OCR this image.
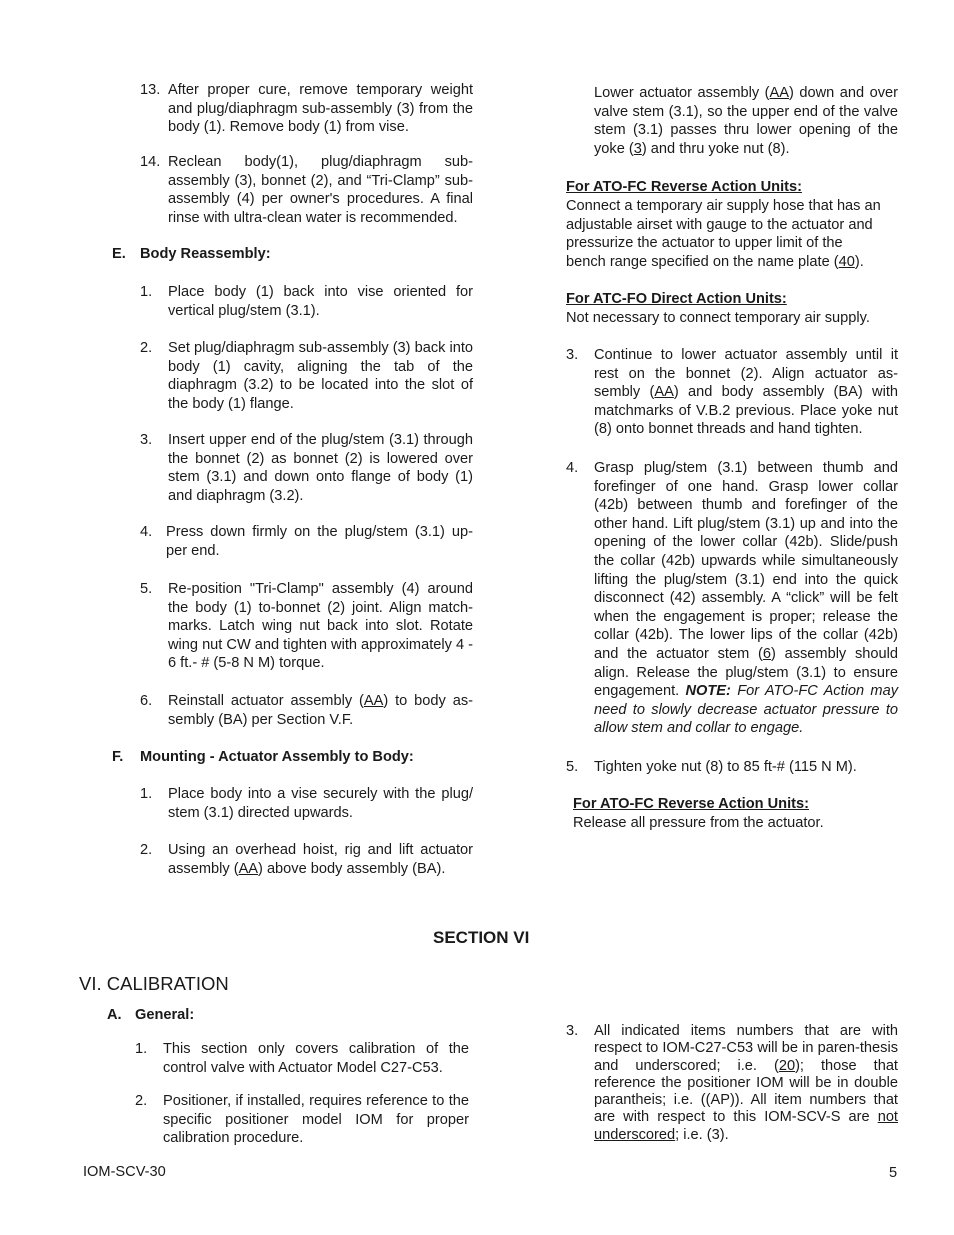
13. After proper cure, remove temporary weight and plug/diaphragm sub-assembly (3) from the body (1). Remove body (1) from vise.
14. Reclean body(1), plug/diaphragm sub-assembly (3), bonnet (2), and “Tri-Clamp” sub-assembly (4) per owner's procedures. A final rinse with ultra-clean water is recommended.
E. Body Reassembly:
1. Place body (1) back into vise oriented for vertical plug/stem (3.1).
2. Set plug/diaphragm sub-assembly (3) back into body (1) cavity, aligning the tab of the diaphragm (3.2) to be located into the slot of the body (1) flange.
3. Insert upper end of the plug/stem (3.1) through the bonnet (2) as bonnet (2) is lowered over stem (3.1) and down onto flange of body (1) and diaphragm (3.2).
4. Press down firmly on the plug/stem (3.1) up-per end.
5. Re-position "Tri-Clamp" assembly (4) around the body (1) to-bonnet (2) joint. Align match-marks. Latch wing nut back into slot. Rotate wing nut CW and tighten with approximately 4 - 6 ft.- # (5-8 N M) torque.
6. Reinstall actuator assembly (AA) to body as-sembly (BA) per Section V.F.
F. Mounting - Actuator Assembly to Body:
1. Place body into a vise securely with the plug/ stem (3.1) directed upwards.
2. Using an overhead hoist, rig and lift actuator assembly (AA) above body assembly (BA).
Lower actuator assembly (AA) down and over valve stem (3.1), so the upper end of the valve stem (3.1) passes thru lower opening of the yoke (3) and thru yoke nut (8).
For ATO-FC Reverse Action Units:
Connect a temporary air supply hose that has an adjustable airset with gauge to the actuator and pressurize the actuator to upper limit of the bench range specified on the name plate (40).
For ATC-FO Direct Action Units:
Not necessary to connect temporary air supply.
3. Continue to lower actuator assembly until it rest on the bonnet (2). Align actuator as-sembly (AA) and body assembly (BA) with matchmarks of V.B.2 previous. Place yoke nut (8) onto bonnet threads and hand tighten.
4. Grasp plug/stem (3.1) between thumb and forefinger of one hand. Grasp lower collar (42b) between thumb and forefinger of the other hand. Lift plug/stem (3.1) up and into the opening of the lower collar (42b). Slide/push the collar (42b) upwards while simultaneously lifting the plug/stem (3.1) end into the quick disconnect (42) assembly. A “click” will be felt when the engagement is proper; release the collar (42b). The lower lips of the collar (42b) and the actuator stem (6) assembly should align. Release the plug/stem (3.1) to ensure engagement. NOTE: For ATO-FC Action may need to slowly decrease actuator pressure to allow stem and collar to engage.
5. Tighten yoke nut (8) to 85 ft-# (115 N M).
For ATO-FC Reverse Action Units:
Release all pressure from the actuator.
SECTION VI
VI. CALIBRATION
A. General:
1. This section only covers calibration of the control valve with Actuator Model C27-C53.
2. Positioner, if installed, requires reference to the specific positioner model IOM for proper calibration procedure.
3. All indicated items numbers that are with respect to IOM-C27-C53 will be in paren-thesis and underscored; i.e. (20); those that reference the positioner IOM will be in double parantheis; i.e. ((AP)). All item numbers that are with respect to this IOM-SCV-S are not underscored; i.e. (3).
IOM-SCV-30	5
